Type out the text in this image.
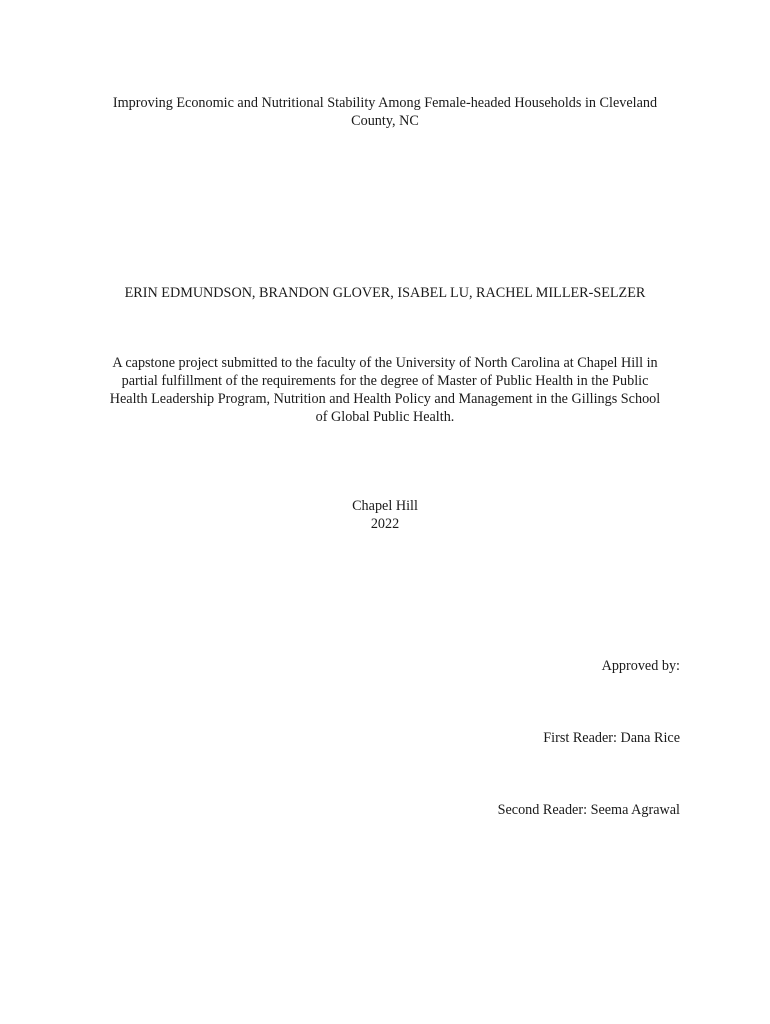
Improving Economic and Nutritional Stability Among Female-headed Households in Cleveland
County, NC
ERIN EDMUNDSON, BRANDON GLOVER, ISABEL LU, RACHEL MILLER-SELZER
A capstone project submitted to the faculty of the University of North Carolina at Chapel Hill in
partial fulfillment of the requirements for the degree of Master of Public Health in the Public
Health Leadership Program, Nutrition and Health Policy and Management in the Gillings School
of Global Public Health.
Chapel Hill
2022
Approved by:
First Reader: Dana Rice
Second Reader: Seema Agrawal
